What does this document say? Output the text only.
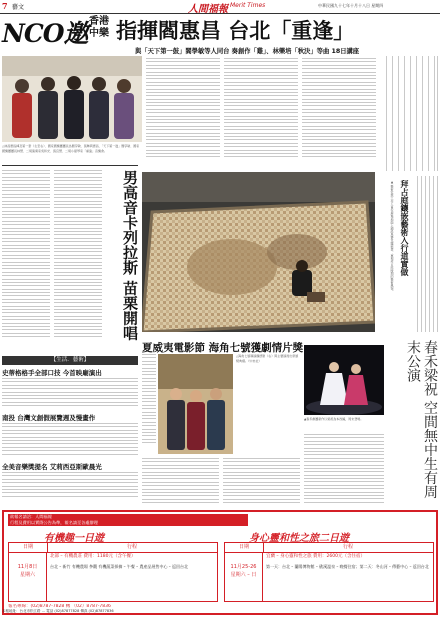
7 藝文	人間福報 Merit Times	中華民國九十七年十月十八日 星期四
NCO邀 香港
中樂 指揮閻惠昌 台北「重逢」
與「天下第一鼓」閻學敏等人同台 奏創作「雞」、林樂培「秋決」等曲 18日講座
△林昌惠指揮及第一套（左至右）、國家國樂團團長為閻學敏、張舞與惠昌、「天下第一鼓」閻學敏、國家國樂團團長林慧、二胡演奏家吳和光、張宜慧、二胡小提琴家「重逢」音樂會。
男高音卡列拉斯 苗栗開唱
【生活．藝術】
史蒂格格手全部口技 今首映廟演出
南投 台灣文創假展覽週及慢畫作
全美音樂獎提名 艾莉西亞斯歐晨光
拜占庭鑲嵌藝術入行道實做
▲ 藝術家與工作人員在展場地面上鋪設馬賽克鑲嵌畫，重現拜占庭時期的藝術風貌。
夏威夷電影節 海角七號獲劇情片獎
△海角七號導演魏德聖（右）與主要演員出席頒獎典禮。（中央社）
▲春禾劇團新作以梁祝為本改編，周末登場。	春禾梁祝 空間無中生有周末公演
欲報名請洽：人間福報　　　　　　　　　　　　　　　
行程及費用以實際公告為準，報名請至各處辦理
有機趣一日遊	身心靈和性之旅二日遊
日期	行程
11月8日
星期六
北部 – 有機農莊 費用：1180元（含午餐）
台北 – 新竹 有機農場 參觀 有機蔬菜採摘 – 午餐 – 農產品展售中心 – 返回台北
日期	行程
11月25-26
星期六 – 日
宜蘭 – 身心靈和性之旅 費用：2600元（含住宿）
第一天：台北 – 蘭陽博物館 – 礁溪溫泉 – 晚餐住宿；第二天：冬山河 – 傳藝中心 – 返回台北
報名專線：(02)8787-7828 轉 （02）8787-7836
本報地址：台北市松江路 … 電話 (02)87877828 傳真 (02)87877836
